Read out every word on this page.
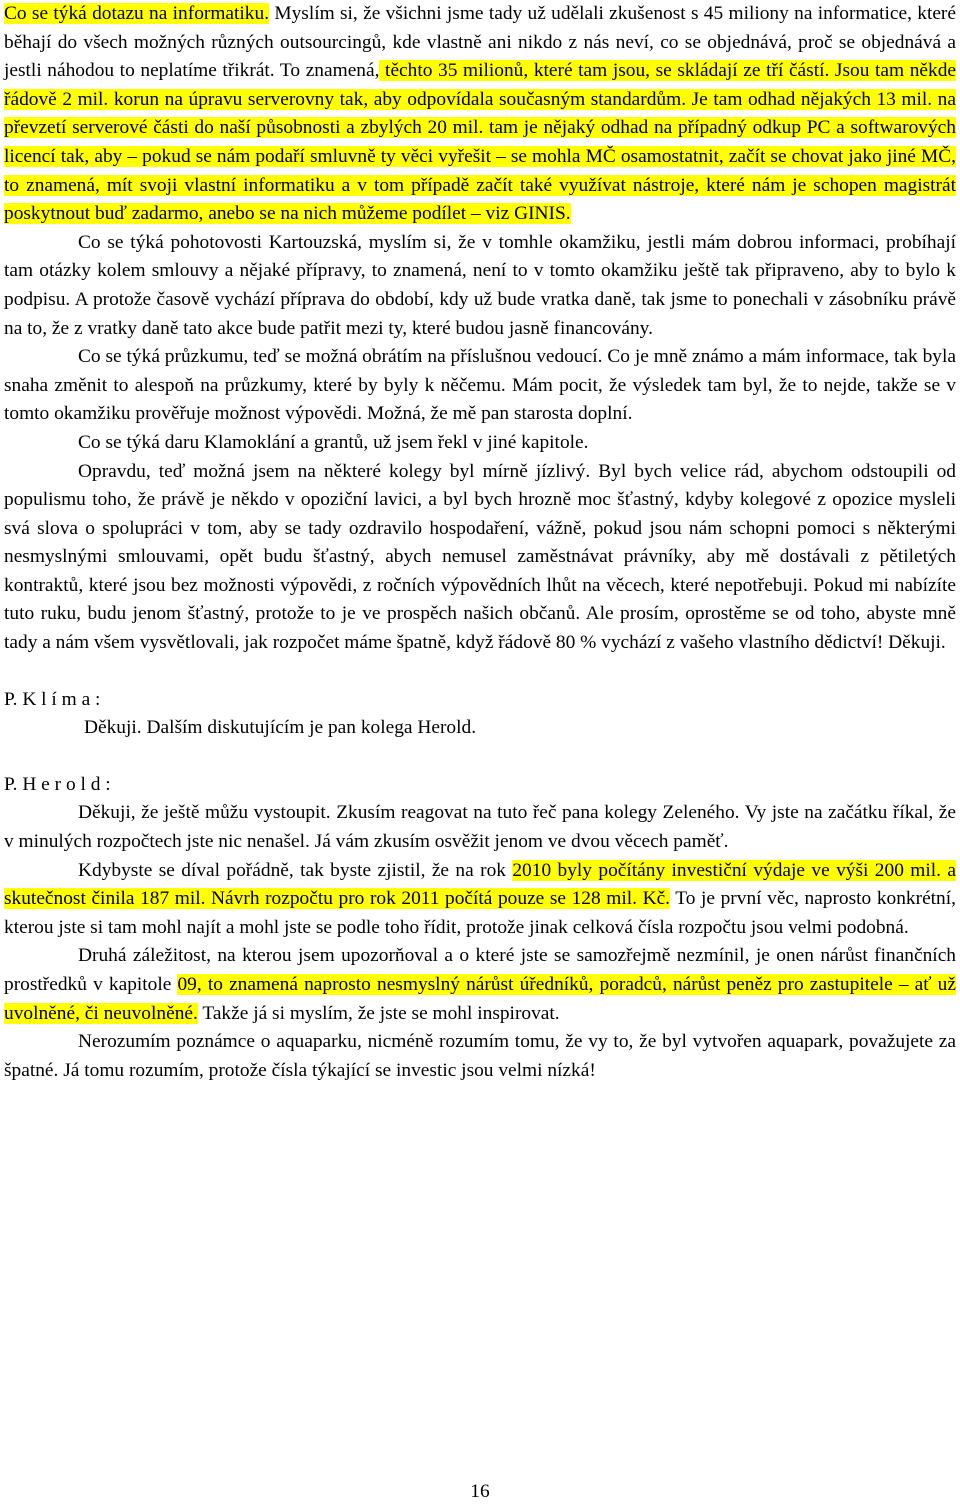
Co se týká dotazu na informatiku. Myslím si, že všichni jsme tady už udělali zkušenost s 45 miliony na informatice, které běhají do všech možných různých outsourcingů, kde vlastně ani nikdo z nás neví, co se objednává, proč se objednává a jestli náhodou to neplatíme třikrát. To znamená, těchto 35 milionů, které tam jsou, se skládají ze tří částí. Jsou tam někde řádově 2 mil. korun na úpravu serverovny tak, aby odpovídala současným standardům. Je tam odhad nějakých 13 mil. na převzetí serverové části do naší působnosti a zbylých 20 mil. tam je nějaký odhad na případný odkup PC a softwarových licencí tak, aby – pokud se nám podaří smluvně ty věci vyřešit – se mohla MČ osamostatnit, začít se chovat jako jiné MČ, to znamená, mít svoji vlastní informatiku a v tom případě začít také využívat nástroje, které nám je schopen magistrát poskytnout buď zadarmo, anebo se na nich můžeme podílet – viz GINIS.

Co se týká pohotovosti Kartouzská, myslím si, že v tomhle okamžiku, jestli mám dobrou informaci, probíhají tam otázky kolem smlouvy a nějaké přípravy, to znamená, není to v tomto okamžiku ještě tak připraveno, aby to bylo k podpisu. A protože časově vychází příprava do období, kdy už bude vratka daně, tak jsme to ponechali v zásobníku právě na to, že z vratky daně tato akce bude patřit mezi ty, které budou jasně financovány.

Co se týká průzkumu, teď se možná obrátím na příslušnou vedoucí. Co je mně známo a mám informace, tak byla snaha změnit to alespoň na průzkumy, které by byly k něčemu. Mám pocit, že výsledek tam byl, že to nejde, takže se v tomto okamžiku prověřuje možnost výpovědi. Možná, že mě pan starosta doplní.

Co se týká daru Klamoklání a grantů, už jsem řekl v jiné kapitole.

Opravdu, teď možná jsem na některé kolegy byl mírně jízlivý. Byl bych velice rád, abychom odstoupili od populismu toho, že právě je někdo v opoziční lavici, a byl bych hrozně moc šťastný, kdyby kolegové z opozice mysleli svá slova o spolupráci v tom, aby se tady ozdravilo hospodaření, vážně, pokud jsou nám schopni pomoci s některými nesmyslnými smlouvami, opět budu šťastný, abych nemusel zaměstnávat právníky, aby mě dostávali z pětiletých kontraktů, které jsou bez možnosti výpovědi, z ročních výpovědních lhůt na věcech, které nepotřebuji. Pokud mi nabízíte tuto ruku, budu jenom šťastný, protože to je ve prospěch našich občanů. Ale prosím, oprostěme se od toho, abyste mně tady a nám všem vysvětlovali, jak rozpočet máme špatně, když řádově 80 % vychází z vašeho vlastního dědictví! Děkuji.

P. K l í m a :

Děkuji. Dalším diskutujícím je pan kolega Herold.

P. H e r o l d :

Děkuji, že ještě můžu vystoupit. Zkusím reagovat na tuto řeč pana kolegy Zeleného. Vy jste na začátku říkal, že v minulých rozpočtech jste nic nenašel. Já vám zkusím osvěžit jenom ve dvou věcech paměť.

Kdybyste se díval pořádně, tak byste zjistil, že na rok 2010 byly počítány investiční výdaje ve výši 200 mil. a skutečnost činila 187 mil. Návrh rozpočtu pro rok 2011 počítá pouze se 128 mil. Kč. To je první věc, naprosto konkrétní, kterou jste si tam mohl najít a mohl jste se podle toho řídit, protože jinak celková čísla rozpočtu jsou velmi podobná.

Druhá záležitost, na kterou jsem upozorňoval a o které jste se samozřejmě nezmínil, je onen nárůst finančních prostředků v kapitole 09, to znamená naprosto nesmyslný nárůst úředníků, poradců, nárůst peněz pro zastupitele – ať už uvolněné, či neuvolněné. Takže já si myslím, že jste se mohl inspirovat.

Nerozumím poznámce o aquaparku, nicméně rozumím tomu, že vy to, že byl vytvořen aquapark, považujete za špatné. Já tomu rozumím, protože čísla týkající se investic jsou velmi nízká!

16
